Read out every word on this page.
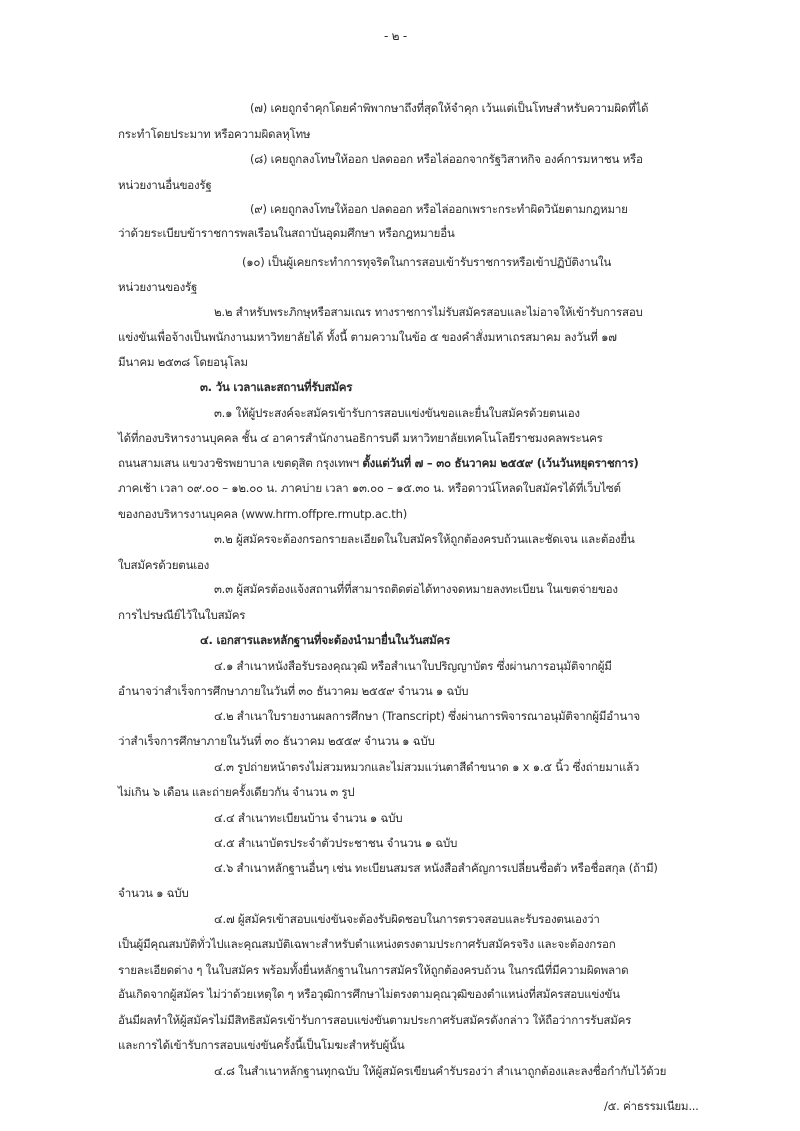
- ๒ -
(๗) เคยถูกจำคุกโดยคำพิพากษาถึงที่สุดให้จำคุก เว้นแต่เป็นโทษสำหรับความผิดที่ได้
กระทำโดยประมาท หรือความผิดลหุโทษ
(๘) เคยถูกลงโทษให้ออก ปลดออก หรือไล่ออกจากรัฐวิสาหกิจ องค์การมหาชน หรือ
หน่วยงานอื่นของรัฐ
(๙) เคยถูกลงโทษให้ออก ปลดออก หรือไล่ออกเพราะกระทำผิดวินัยตามกฎหมาย
ว่าด้วยระเบียบข้าราชการพลเรือนในสถาบันอุดมศึกษา หรือกฎหมายอื่น
(๑๐) เป็นผู้เคยกระทำการทุจริตในการสอบเข้ารับราชการหรือเข้าปฏิบัติงานใน
หน่วยงานของรัฐ
๒.๒ สำหรับพระภิกษุหรือสามเณร ทางราชการไม่รับสมัครสอบและไม่อาจให้เข้ารับการสอบ
แข่งขันเพื่อจ้างเป็นพนักงานมหาวิทยาลัยได้ ทั้งนี้ ตามความในข้อ ๕ ของคำสั่งมหาเถรสมาคม ลงวันที่ ๑๗
มีนาคม ๒๕๓๘ โดยอนุโลม
๓. วัน เวลาและสถานที่รับสมัคร
๓.๑ ให้ผู้ประสงค์จะสมัครเข้ารับการสอบแข่งขันขอและยื่นใบสมัครด้วยตนเอง
ได้ที่กองบริหารงานบุคคล ชั้น ๔ อาคารสำนักงานอธิการบดี มหาวิทยาลัยเทคโนโลยีราชมงคลพระนคร
ถนนสามเสน แขวงวชิรพยาบาล เขตดุสิต กรุงเทพฯ ตั้งแต่วันที่ ๗ – ๓๐ ธันวาคม ๒๕๕๙ (เว้นวันหยุดราชการ)
ภาคเช้า เวลา ๐๙.๐๐ – ๑๒.๐๐ น. ภาคบ่าย เวลา ๑๓.๐๐ – ๑๕.๓๐ น. หรือดาวน์โหลดใบสมัครได้ที่เว็บไซต์
ของกองบริหารงานบุคคล (www.hrm.offpre.rmutp.ac.th)
๓.๒ ผู้สมัครจะต้องกรอกรายละเอียดในใบสมัครให้ถูกต้องครบถ้วนและชัดเจน และต้องยื่น
ใบสมัครด้วยตนเอง
๓.๓ ผู้สมัครต้องแจ้งสถานที่ที่สามารถติดต่อได้ทางจดหมายลงทะเบียน ในเขตจ่ายของ
การไปรษณีย์ไว้ในใบสมัคร
๔. เอกสารและหลักฐานที่จะต้องนำมายื่นในวันสมัคร
๔.๑ สำเนาหนังสือรับรองคุณวุฒิ หรือสำเนาใบปริญญาบัตร ซึ่งผ่านการอนุมัติจากผู้มี
อำนาจว่าสำเร็จการศึกษาภายในวันที่ ๓๐ ธันวาคม ๒๕๕๙ จำนวน ๑ ฉบับ
๔.๒ สำเนาใบรายงานผลการศึกษา (Transcript) ซึ่งผ่านการพิจารณาอนุมัติจากผู้มีอำนาจ
ว่าสำเร็จการศึกษาภายในวันที่ ๓๐ ธันวาคม ๒๕๕๙ จำนวน ๑ ฉบับ
๔.๓ รูปถ่ายหน้าตรงไม่สวมหมวกและไม่สวมแว่นตาสีดำขนาด ๑ x ๑.๕ นิ้ว ซึ่งถ่ายมาแล้ว
ไม่เกิน ๖ เดือน และถ่ายครั้งเดียวกัน จำนวน ๓ รูป
๔.๔ สำเนาทะเบียนบ้าน จำนวน ๑ ฉบับ
๔.๕ สำเนาบัตรประจำตัวประชาชน จำนวน ๑ ฉบับ
๔.๖ สำเนาหลักฐานอื่นๆ เช่น ทะเบียนสมรส หนังสือสำคัญการเปลี่ยนชื่อตัว หรือชื่อสกุล (ถ้ามี)
จำนวน ๑ ฉบับ
๔.๗ ผู้สมัครเข้าสอบแข่งขันจะต้องรับผิดชอบในการตรวจสอบและรับรองตนเองว่า
เป็นผู้มีคุณสมบัติทั่วไปและคุณสมบัติเฉพาะสำหรับตำแหน่งตรงตามประกาศรับสมัครจริง และจะต้องกรอก
รายละเอียดต่าง ๆ ในใบสมัคร พร้อมทั้งยื่นหลักฐานในการสมัครให้ถูกต้องครบถ้วน ในกรณีที่มีความผิดพลาด
อันเกิดจากผู้สมัคร ไม่ว่าด้วยเหตุใด ๆ หรือวุฒิการศึกษาไม่ตรงตามคุณวุฒิของตำแหน่งที่สมัครสอบแข่งขัน
อันมีผลทำให้ผู้สมัครไม่มีสิทธิสมัครเข้ารับการสอบแข่งขันตามประกาศรับสมัครดังกล่าว ให้ถือว่าการรับสมัคร
และการได้เข้ารับการสอบแข่งขันครั้งนี้เป็นโมฆะสำหรับผู้นั้น
๔.๘ ในสำเนาหลักฐานทุกฉบับ ให้ผู้สมัครเขียนคำรับรองว่า สำเนาถูกต้องและลงชื่อกำกับไว้ด้วย
/๕. ค่าธรรมเนียม...
